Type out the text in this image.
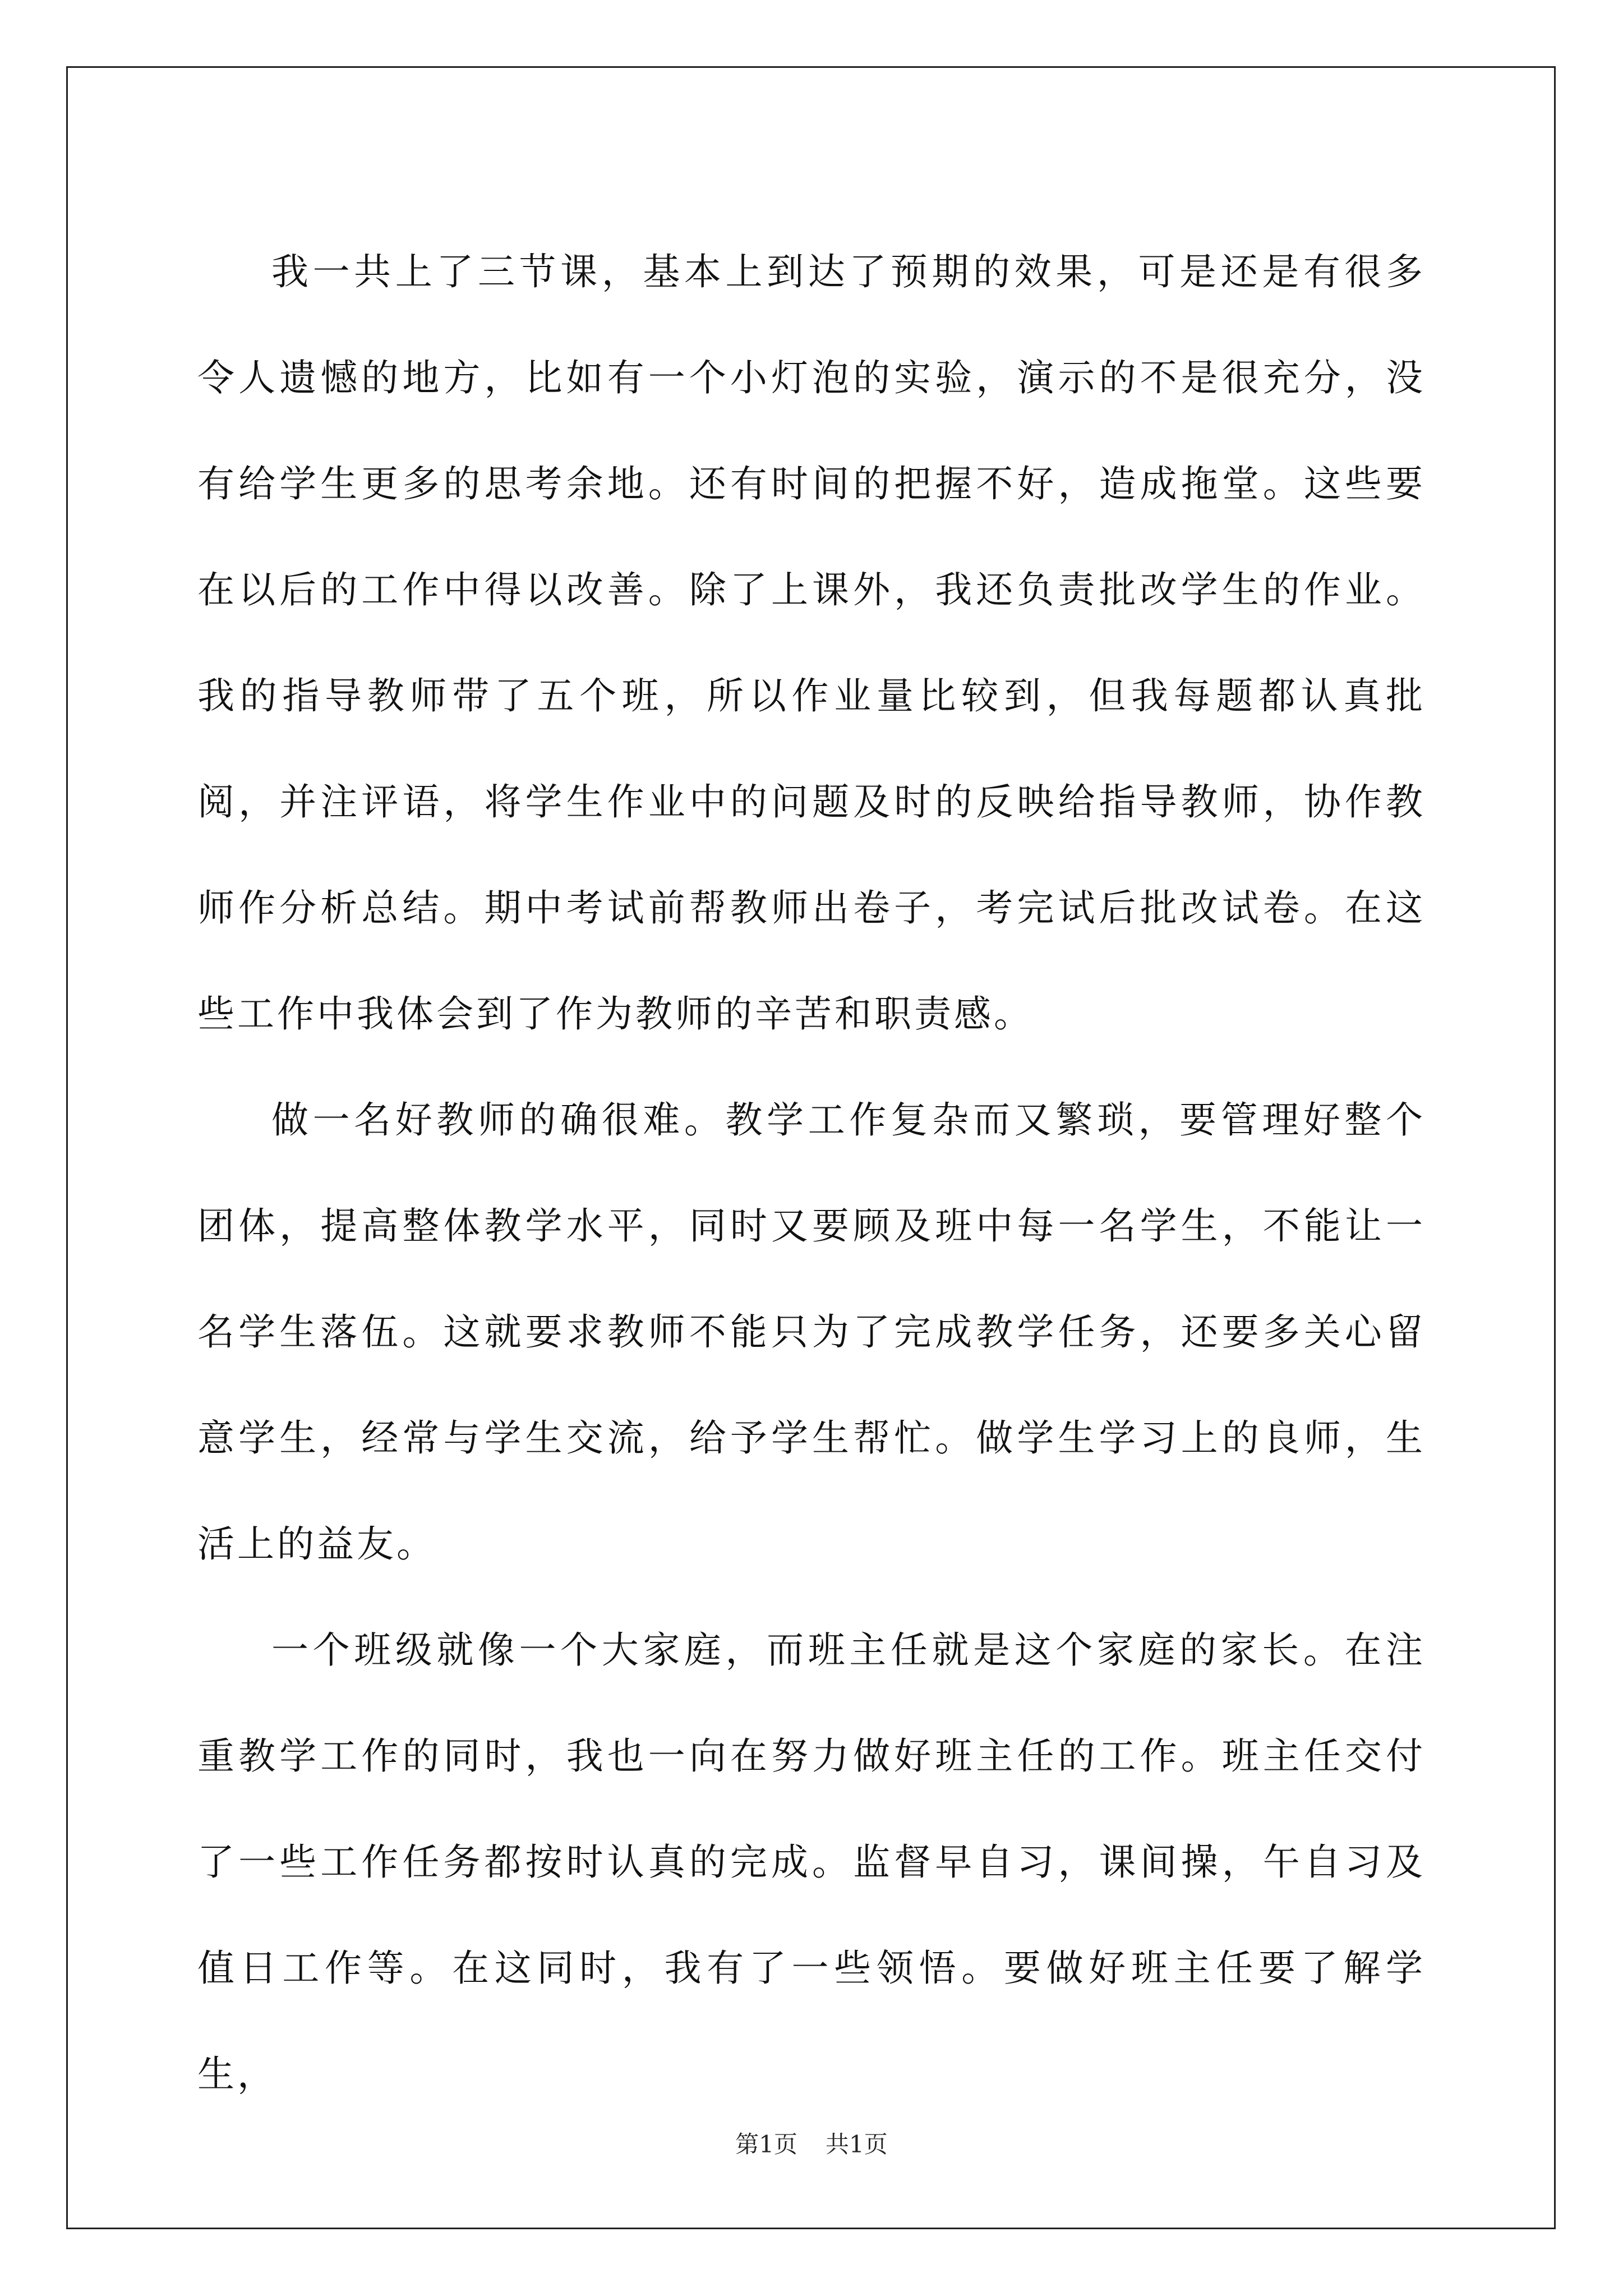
我一共上了三节课，基本上到达了预期的效果，可是还是有很多令人遗憾的地方，比如有一个小灯泡的实验，演示的不是很充分，没有给学生更多的思考余地。还有时间的把握不好，造成拖堂。这些要在以后的工作中得以改善。除了上课外，我还负责批改学生的作业。我的指导教师带了五个班，所以作业量比较到，但我每题都认真批阅，并注评语，将学生作业中的问题及时的反映给指导教师，协作教师作分析总结。期中考试前帮教师出卷子，考完试后批改试卷。在这些工作中我体会到了作为教师的辛苦和职责感。

做一名好教师的确很难。教学工作复杂而又繁琐，要管理好整个团体，提高整体教学水平，同时又要顾及班中每一名学生，不能让一名学生落伍。这就要求教师不能只为了完成教学任务，还要多关心留意学生，经常与学生交流，给予学生帮忙。做学生学习上的良师，生活上的益友。

一个班级就像一个大家庭，而班主任就是这个家庭的家长。在注重教学工作的同时，我也一向在努力做好班主任的工作。班主任交付了一些工作任务都按时认真的完成。监督早自习，课间操，午自习及值日工作等。在这同时，我有了一些领悟。要做好班主任要了解学生，

第1页 共1页
